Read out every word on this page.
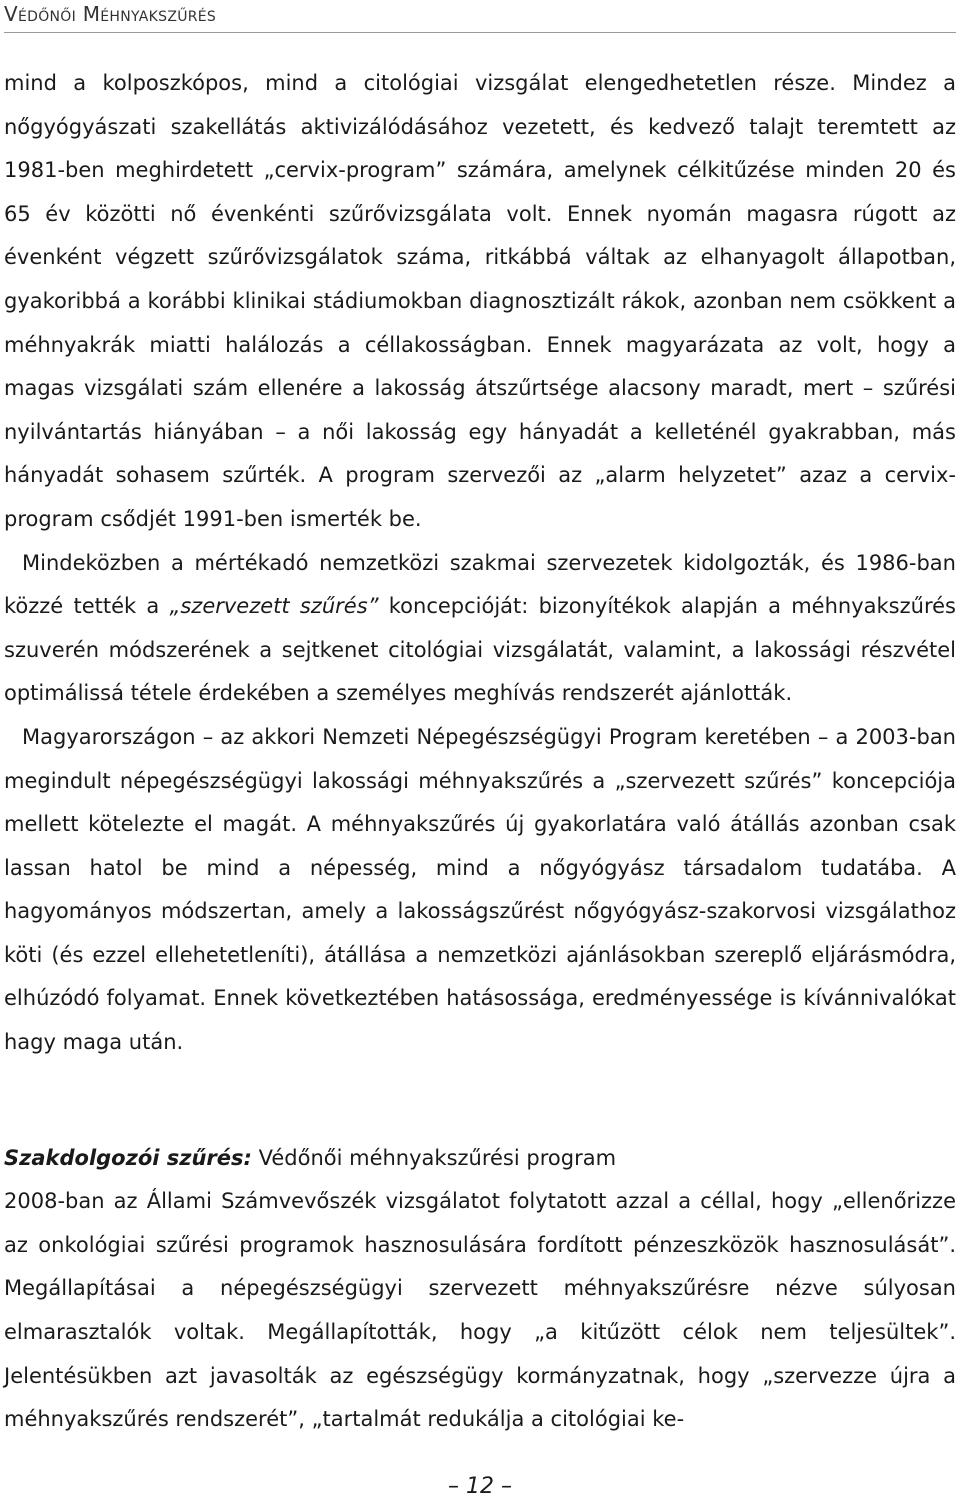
Védőnői Méhnyakszűrés

mind a kolposzkópos, mind a citológiai vizsgálat elengedhetetlen része. Mindez a nőgyógyászati szakellátás aktivizálódásához vezetett, és kedvező talajt teremtett az 1981-ben meghirdetett „cervix-program” számára, amelynek célkitűzése minden 20 és 65 év közötti nő évenkénti szűrővizsgálata volt. Ennek nyomán magasra rúgott az évenként végzett szűrővizsgálatok száma, ritkábbá váltak az elhanyagolt állapotban, gyakoribbá a korábbi klinikai stádiumokban diagnosztizált rákok, azonban nem csökkent a méhnyakrák miatti halálozás a céllakosságban. Ennek magyarázata az volt, hogy a magas vizsgálati szám ellenére a lakosság átszűrtsége alacsony maradt, mert – szűrési nyilvántartás hiányában – a női lakosság egy hányadát a kelleténél gyakrabban, más hányadát sohasem szűrték. A program szervezői az „alarm helyzetet” azaz a cervix-program csődjét 1991-ben ismerték be.

Mindeközben a mértékadó nemzetközi szakmai szervezetek kidolgozták, és 1986-ban közzé tették a „szervezett szűrés” koncepcióját: bizonyítékok alapján a méhnyakszűrés szuverén módszerének a sejtkenet citológiai vizsgálatát, valamint, a lakossági részvétel optimálissá tétele érdekében a személyes meghívás rendszerét ajánlották.

Magyarországon – az akkori Nemzeti Népegészségügyi Program keretében – a 2003-ban megindult népegészségügyi lakossági méhnyakszűrés a „szervezett szűrés” koncepciója mellett kötelezte el magát. A méhnyakszűrés új gyakorlatára való átállás azonban csak lassan hatol be mind a népesség, mind a nőgyógyász társadalom tudatába. A hagyományos módszertan, amely a lakosságszűrést nőgyógyász-szakorvosi vizsgálathoz köti (és ezzel ellehetetleníti), átállása a nemzetközi ajánlásokban szereplő eljárásmódra, elhúzódó folyamat. Ennek következtében hatásossága, eredményessége is kívánnivalókat hagy maga után.

Szakdolgozói szűrés: Védőnői méhnyakszűrési program

2008-ban az Állami Számvevőszék vizsgálatot folytatott azzal a céllal, hogy „ellenőrizze az onkológiai szűrési programok hasznosulására fordított pénzeszközök hasznosulását”. Megállapításai a népegészségügyi szervezett méhnyakszűrésre nézve súlyosan elmarasztalók voltak. Megállapították, hogy „a kitűzött célok nem teljesültek”. Jelentésükben azt javasolták az egészségügy kormányzatnak, hogy „szervezze újra a méhnyakszűrés rendszerét”, „tartalmát redukálja a citológiai ke-

– 12 –
